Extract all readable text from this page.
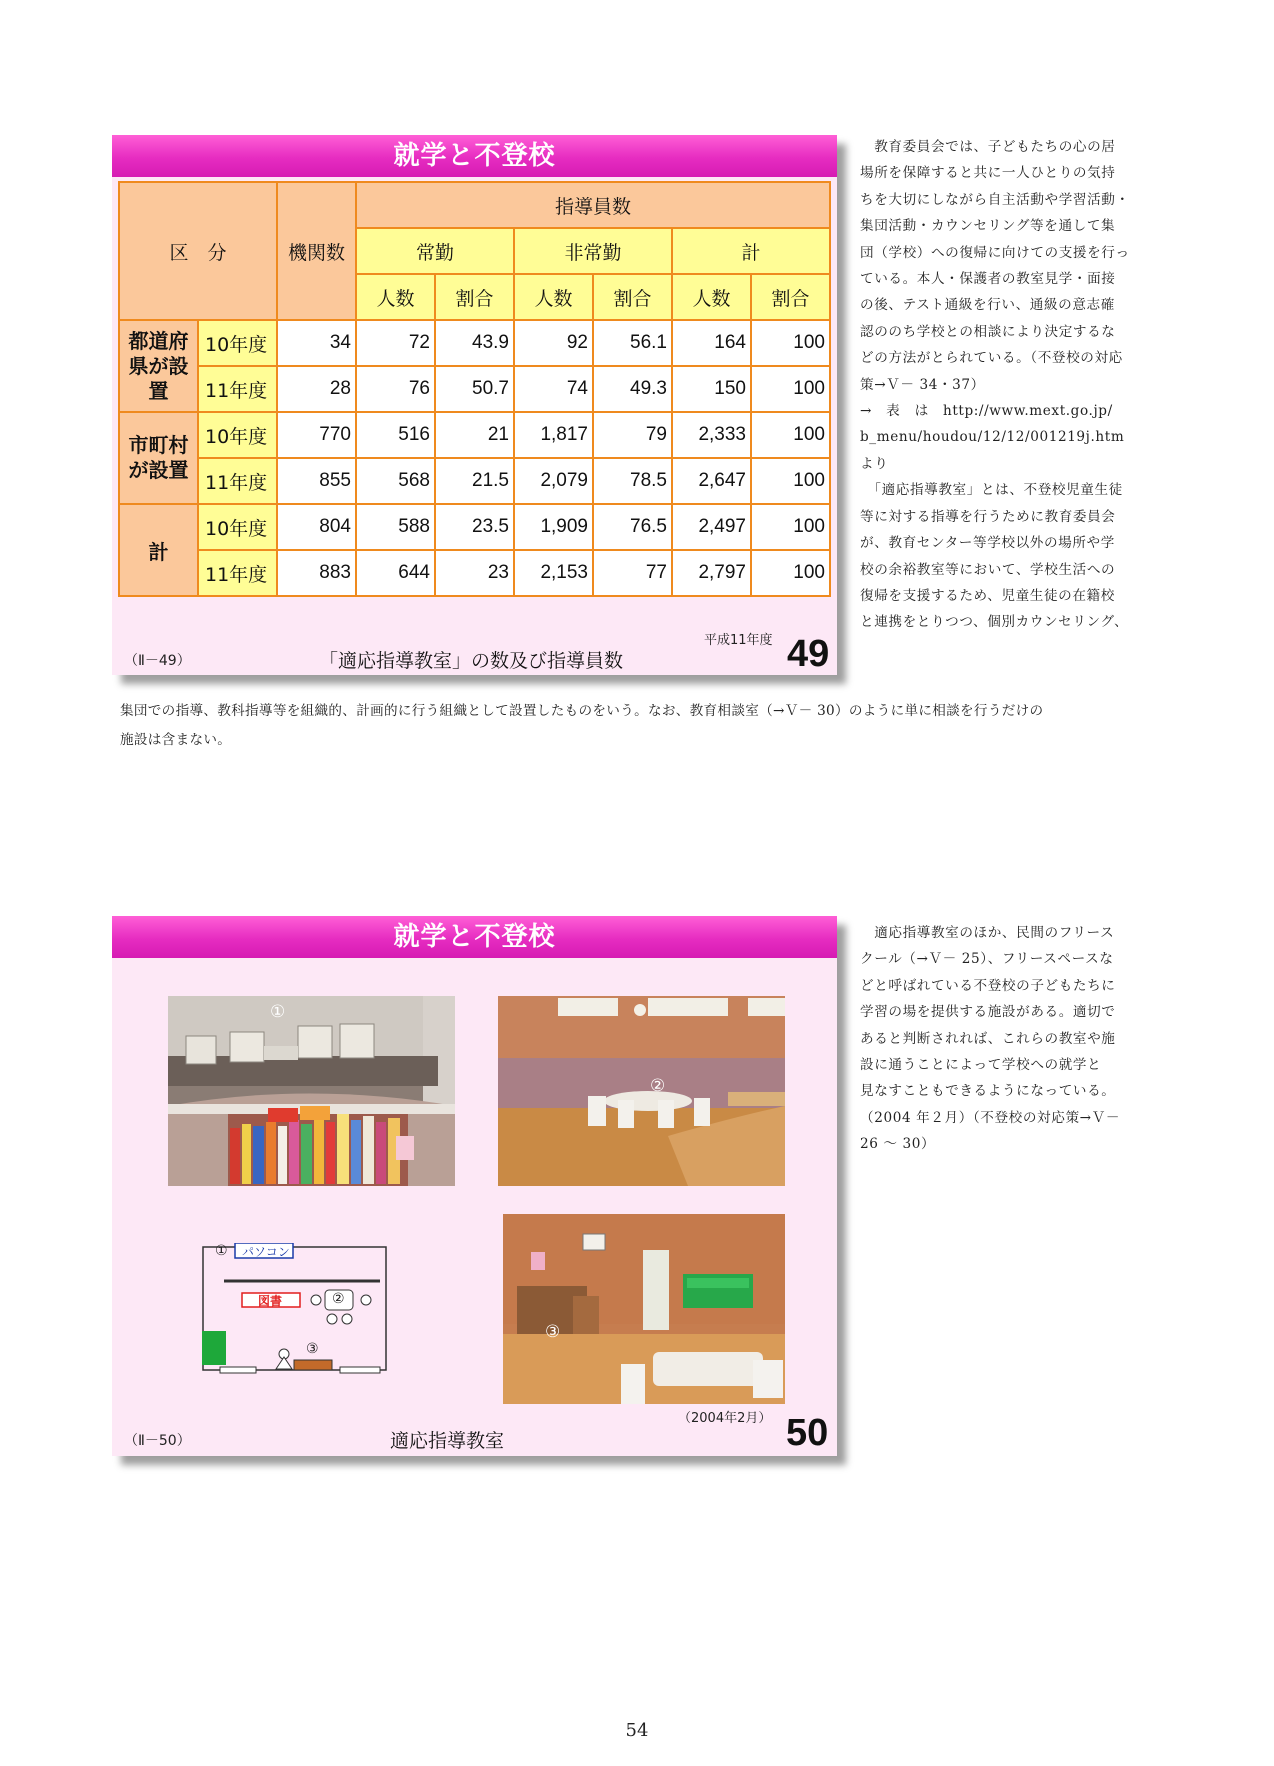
就学と不登校
区　分		機関数	指導員数					
			常勤		非常勤		計	
			人数	割合	人数	割合	人数	割合
都道府県が設置	10年度	34	72	43.9	92	56.1	164	100
	11年度	28	76	50.7	74	49.3	150	100
市町村が設置	10年度	770	516	21	1,817	79	2,333	100
	11年度	855	568	21.5	2,079	78.5	2,647	100
計	10年度	804	588	23.5	1,909	76.5	2,497	100
	11年度	883	644	23	2,153	77	2,797	100
（Ⅱ－49）	「適応指導教室」の数及び指導員数
平成11年度 49

　教育委員会では、子どもたちの心の居

場所を保障すると共に一人ひとりの気持

ちを大切にしながら自主活動や学習活動・

集団活動・カウンセリング等を通して集

団（学校）への復帰に向けての支援を行っ

ている。本人・保護者の教室見学・面接

の後、テスト通級を行い、通級の意志確

認ののち学校との相談により決定するな

どの方法がとられている。（不登校の対応

策→Ｖ－ 34・37）

→　表　は　http://www.mext.go.jp/

b_menu/houdou/12/12/001219j.htm

より

　「適応指導教室」とは、不登校児童生徒

等に対する指導を行うために教育委員会

が、教育センター等学校以外の場所や学

校の余裕教室等において、学校生活への

復帰を支援するため、児童生徒の在籍校

と連携をとりつつ、個別カウンセリング、

集団での指導、教科指導等を組織的、計画的に行う組織として設置したものをいう。なお、教育相談室（→Ｖ－ 30）のように単に相談を行うだけの
施設は含まない。
就学と不登校
①
②
① パソコン
図書	②
③
③
（Ⅱ－50）	適応指導教室
（2004年2月） 50

　適応指導教室のほか、民間のフリース

クール（→Ｖ－ 25）、フリースペースな

どと呼ばれている不登校の子どもたちに

学習の場を提供する施設がある。適切で

あると判断されれば、これらの教室や施

設に通うことによって学校への就学と

見なすこともできるようになっている。

（2004 年２月）（不登校の対応策→Ｖ－

26 ～ 30）

54
